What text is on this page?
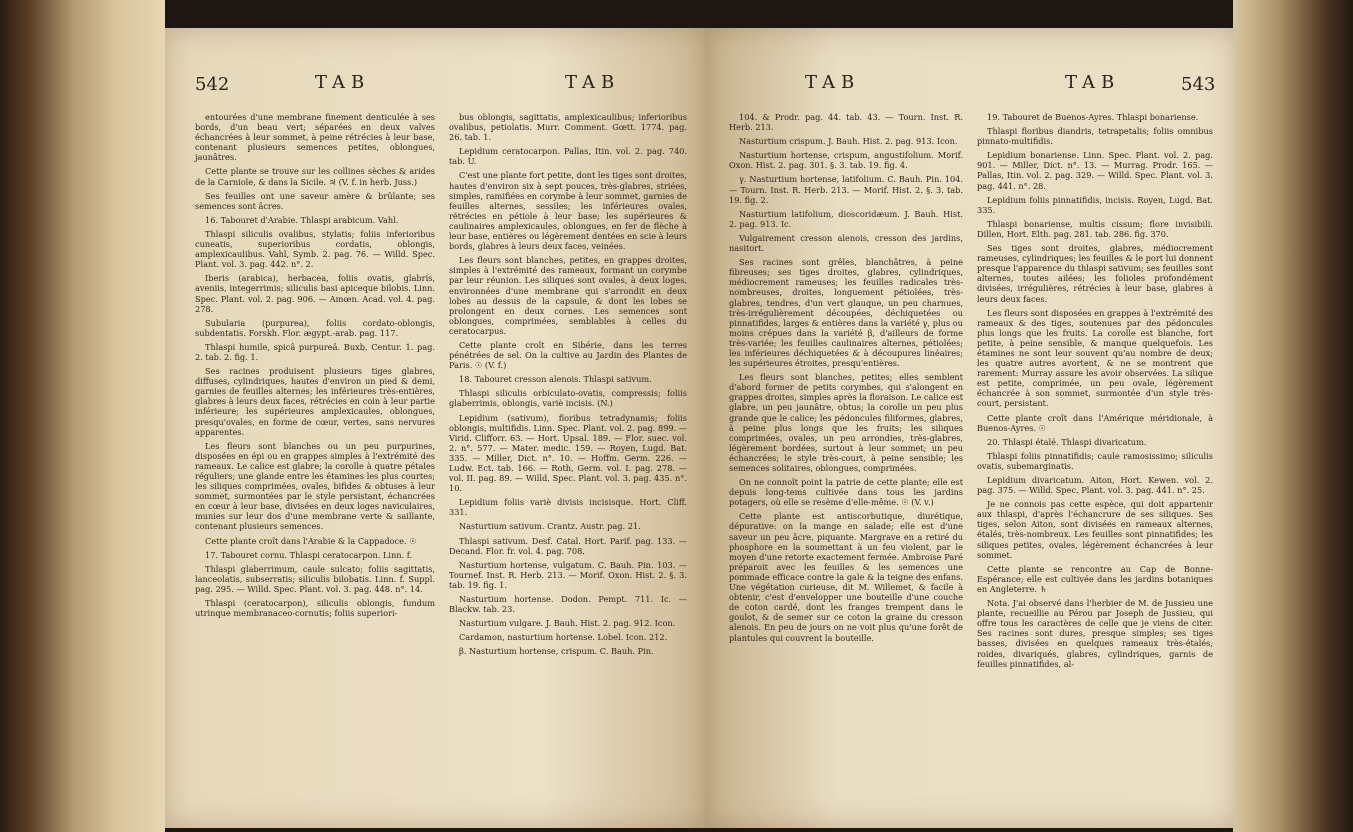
542	TAB	TAB

entourées d'une membrane finement denticulée à ses bords, d'un beau vert; séparées en deux valves échancrées à leur sommet, à peine rétrécies à leur base, contenant plusieurs semences petites, oblongues, jaunâtres.

Cette plante se trouve sur les collines sèches & arides de la Carniole, & dans la Sicile. ♃ (V. f. in herb. Juss.)

Ses feuilles ont une saveur amère & brûlante; ses semences sont âcres.

16. Tabouret d'Arabie. Thlaspi arabicum. Vahl.

Thlaspi siliculis ovalibus, stylatis; foliis inferioribus cuneatis, superioribus cordatis, oblongis, amplexicaulibus. Vahl, Symb. 2. pag. 76. — Willd. Spec. Plant. vol. 3. pag. 442. n°. 2.

Iberis (arabica), herbacea, foliis ovatis, glabris, aveniis, integerrimis; siliculis basi apiceque bilobis. Linn. Spec. Plant. vol. 2. pag. 906. — Amœn. Acad. vol. 4. pag. 278.

Subularia (purpurea), foliis cordato-oblongis, subdentatis. Forskh. Flor. ægypt.-arab. pag. 117.

Thlaspi humile, spicâ purpureâ. Buxb. Centur. 1. pag. 2. tab. 2. fig. 1.

Ses racines produisent plusieurs tiges glabres, diffuses, cylindriques, hautes d'environ un pied & demi, garnies de feuilles alternes; les inférieures très-entières, glabres à leurs deux faces, rétrécies en coin à leur partie inférieure; les supérieures amplexicaules, oblongues, presqu'ovales, en forme de cœur, vertes, sans nervures apparentes.

Les fleurs sont blanches ou un peu purpurines, disposées en épi ou en grappes simples à l'extrémité des rameaux. Le calice est glabre; la corolle à quatre pétales réguliers; une glande entre les étamines les plus courtes; les siliques comprimées, ovales, bifides & obtuses à leur sommet, surmontées par le style persistant, échancrées en cœur à leur base, divisées en deux loges naviculaires, munies sur leur dos d'une membrane verte & saillante, contenant plusieurs semences.

Cette plante croît dans l'Arabie & la Cappadoce. ☉

17. Tabouret cornu. Thlaspi ceratocarpon. Linn. f.

Thlaspi glaberrimum, caule sulcato; foliis sagittatis, lanceolatis, subserratis; siliculis bilobatis. Linn. f. Suppl. pag. 295. — Willd. Spec. Plant. vol. 3. pag. 448. n°. 14.

Thlaspi (ceratocarpon), siliculis oblongis, fundum utrinque membranaceo-cornutis; foliis superiori-

bus oblongis, sagittatis, amplexicaulibus; inferioribus ovalibus, petiolatis. Murr. Comment. Gœtt. 1774. pag. 26. tab. 1.

Lepidium ceratocarpon. Pallas, Itin. vol. 2. pag. 740. tab. U.

C'est une plante fort petite, dont les tiges sont droites, hautes d'environ six à sept pouces, très-glabres, striées, simples, ramifiées en corymbe à leur sommet, garnies de feuilles alternes, sessiles; les inférieures ovales, rétrécies en pétiole à leur base; les supérieures & caulinaires amplexicaules, oblongues, en fer de flèche à leur base, entières ou légèrement dentées en scie à leurs bords, glabres à leurs deux faces, veinées.

Les fleurs sont blanches, petites, en grappes droites, simples à l'extrémité des rameaux, formant un corymbe par leur réunion. Les siliques sont ovales, à deux loges, environnées d'une membrane qui s'arrondit en deux lobes au dessus de la capsule, & dont les lobes se prolongent en deux cornes. Les semences sont oblongues, comprimées, semblables à celles du ceratocarpus.

Cette plante croît en Sibérie, dans les terres pénétrées de sel. On la cultive au Jardin des Plantes de Paris. ☉ (V. f.)

18. Tabouret cresson alenois. Thlaspi sativum.

Thlaspi siliculis orbiculato-ovatis, compressis; foliis glaberrimis, oblongis, variè incisis. (N.)

Lepidium (sativum), floribus tetradynamis; foliis oblongis, multifidis. Linn. Spec. Plant. vol. 2. pag. 899. — Virid. Clifforr. 63. — Hort. Upsal. 189. — Flor. suec. vol. 2. n°. 577. — Mater. medic. 159. — Royen, Lugd. Bat. 335. — Miller, Dict. n°. 10. — Hoffm. Germ. 226. — Ludw. Ect. tab. 166. — Roth, Germ. vol. I. pag. 278. — vol. II. pag. 89. — Willd. Spec. Plant. vol. 3. pag. 435. n°. 10.

Lepidium foliis variè divisis incisisque. Hort. Cliff. 331.

Nasturtium sativum. Crantz. Austr. pag. 21.

Thlaspi sativum. Desf. Catal. Hort. Parif. pag. 133. — Decand. Flor. fr. vol. 4. pag. 708.

Nasturtium hortense, vulgatum. C. Bauh. Pin. 103. — Tournef. Inst. R. Herb. 213. — Morif. Oxon. Hist. 2. §. 3. tab. 19. fig. 1.

Nasturtium hortense. Dodon. Pempt. 711. Ic. — Blackw. tab. 23.

Nasturtium vulgare. J. Bauh. Hist. 2. pag. 912. Icon.

Cardamon, nasturtium hortense. Lobel. Icon. 212.

β. Nasturtium hortense, crispum. C. Bauh. Pin.

TAB	TAB	543

104. & Prodr. pag. 44. tab. 43. — Tourn. Inst. R. Herb. 213.

Nasturtium crispum. J. Bauh. Hist. 2. pag. 913. Icon.

Nasturtium hortense, crispum, angustifolium. Morif. Oxon. Hist. 2. pag. 301. §. 3. tab. 19. fig. 4.

γ. Nasturtium hortense, latifolium. C. Bauh. Pin. 104. — Tourn. Inst. R. Herb. 213. — Morif. Hist. 2. §. 3. tab. 19. fig. 2.

Nasturtium latifolium, dioscoridæum. J. Bauh. Hist. 2. pag. 913. Ic.

Vulgairement cresson alenois, cresson des jardins, nasitort.

Ses racines sont grêles, blanchâtres, à peine fibreuses; ses tiges droites, glabres, cylindriques, médiocrement rameuses; les feuilles radicales très-nombreuses, droites, longuement pétiolées, très-glabres, tendres, d'un vert glauque, un peu charnues, très-irrégulièrement découpées, déchiquetées ou pinnatifides, larges & entières dans la variété γ, plus ou moins crépues dans la variété β, d'ailleurs de forme très-variée; les feuilles caulinaires alternes, pétiolées; les inférieures déchiquetées & à découpures linéaires; les supérieures étroites, presqu'entières.

Les fleurs sont blanches, petites; elles semblent d'abord former de petits corymbes, qui s'alongent en grappes droites, simples après la floraison. Le calice est glabre, un peu jaunâtre, obtus; la corolle un peu plus grande que le calice; les pédoncules filiformes, glabres, à peine plus longs que les fruits; les siliques comprimées, ovales, un peu arrondies, très-glabres, légèrement bordées, surtout à leur sommet; un peu échancrées; le style très-court, à peine sensible; les semences solitaires, oblongues, comprimées.

On ne connoît point la patrie de cette plante; elle est depuis long-tems cultivée dans tous les jardins potagers, où elle se resème d'elle-même. ☉ (V. v.)

Cette plante est antiscorbutique, diurétique, dépurative: on la mange en salade; elle est d'une saveur un peu âcre, piquante. Margrave en a retiré du phosphore en la soumettant à un feu violent, par le moyen d'une retorte exactement fermée. Ambroise Paré préparoit avec les feuilles & les semences une pommade efficace contre la gale & la teigne des enfans. Une végétation curieuse, dit M. Willemet, & facile à obtenir, c'est d'envelopper une bouteille d'une couche de coton cardé, dont les franges trempent dans le goulot, & de semer sur ce coton la graine du cresson alenois. En peu de jours on ne voit plus qu'une forêt de plantules qui couvrent la bouteille.

19. Tabouret de Buenos-Ayres. Thlaspi bonariense.

Thlaspi floribus diandris, tetrapetalis; foliis omnibus pinnato-multifidis.

Lepidium bonariense. Linn. Spec. Plant. vol. 2. pag. 901. — Miller, Dict. n°. 13. — Murrag. Prodr. 165. — Pallas, Itin. vol. 2. pag. 329. — Willd. Spec. Plant. vol. 3. pag. 441. n°. 28.

Lepidium foliis pinnatifidis, incisis. Royen, Lugd. Bat. 335.

Thlaspi bonariense, multis cissum; flore invisibili. Dillen, Hort. Elth. pag. 281. tab. 286. fig. 370.

Ses tiges sont droites, glabres, médiocrement rameuses, cylindriques; les feuilles & le port lui donnent presque l'apparence du thlaspi sativum; ses feuilles sont alternes, toutes ailées; les folioles profondément divisées, irrégulières, rétrécies à leur base, glabres à leurs deux faces.

Les fleurs sont disposées en grappes à l'extrémité des rameaux & des tiges, soutenues par des pédoncules plus longs que les fruits. La corolle est blanche, fort petite, à peine sensible, & manque quelquefois. Les étamines ne sont leur souvent qu'au nombre de deux; les quatre autres avortent, & ne se montrent que rarement: Murray assure les avoir observées. La silique est petite, comprimée, un peu ovale, légèrement échancrée à son sommet, surmontée d'un style très-court, persistant.

Cette plante croît dans l'Amérique méridionale, à Buenos-Ayres. ☉

20. Thlaspi étalé. Thlaspi divaricatum.

Thlaspi foliis pinnatifidis; caule ramosissimo; siliculis ovatis, subemarginatis.

Lepidium divaricatum. Aiton, Hort. Kewen. vol. 2. pag. 375. — Willd. Spec. Plant. vol. 3. pag. 441. n°. 25.

Je ne connois pas cette espèce, qui doit appartenir aux thlaspi, d'après l'échancrure de ses siliques. Ses tiges, selon Aiton, sont divisées en rameaux alternes, étalés, très-nombreux. Les feuilles sont pinnatifides; les siliques petites, ovales, légèrement échancrées à leur sommet.

Cette plante se rencontre au Cap de Bonne-Espérance; elle est cultivée dans les jardins botaniques en Angleterre. ♄

Nota. J'ai observé dans l'herbier de M. de Jussieu une plante, recueillie au Pérou par Joseph de Jussieu, qui offre tous les caractères de celle que je viens de citer. Ses racines sont dures, presque simples; ses tiges basses, divisées en quelques rameaux très-étalés, roides, divariqués, glabres, cylindriques, garnis de feuilles pinnatifides, al-
